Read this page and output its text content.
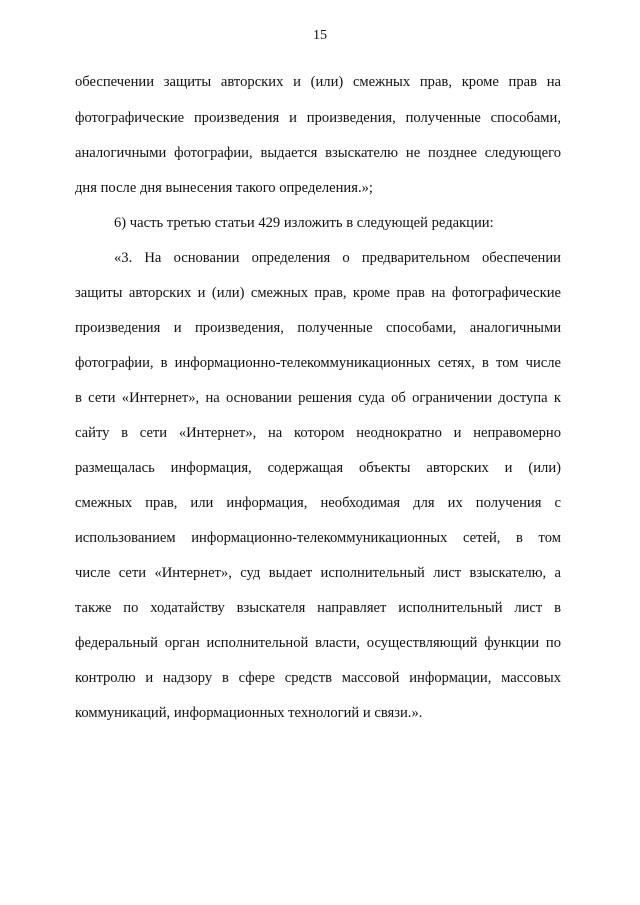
15
обеспечении защиты авторских и (или) смежных прав, кроме прав на
фотографические произведения и произведения, полученные способами,
аналогичными фотографии, выдается взыскателю не позднее следующего
дня после дня вынесения такого определения.»;
6) часть третью статьи 429 изложить в следующей редакции:
«3. На основании определения о предварительном обеспечении
защиты авторских и (или) смежных прав, кроме прав на фотографические
произведения и произведения, полученные способами, аналогичными
фотографии, в информационно-телекоммуникационных сетях, в том числе
в сети «Интернет», на основании решения суда об ограничении доступа к
сайту в сети «Интернет», на котором неоднократно и неправомерно
размещалась информация, содержащая объекты авторских и (или)
смежных прав, или информация, необходимая для их получения с
использованием информационно-телекоммуникационных сетей, в том
числе сети «Интернет», суд выдает исполнительный лист взыскателю, а
также по ходатайству взыскателя направляет исполнительный лист в
федеральный орган исполнительной власти, осуществляющий функции по
контролю и надзору в сфере средств массовой информации, массовых
коммуникаций, информационных технологий и связи.».
